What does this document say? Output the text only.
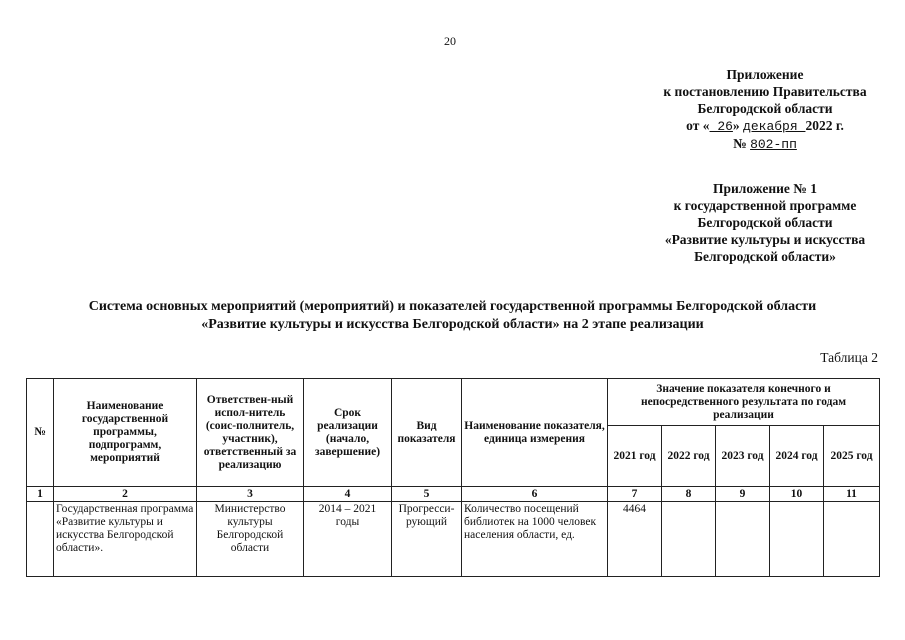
20
Приложение
к постановлению Правительства
Белгородской области
от « 26» декабря 2022 г.
№ 802-пп
Приложение № 1
к государственной программе
Белгородской области
«Развитие культуры и искусства
Белгородской области»
Система основных мероприятий (мероприятий) и показателей государственной программы Белгородской области
«Развитие культуры и искусства Белгородской области» на 2 этапе реализации
Таблица 2
№	Наименование государственной программы, подпрограмм, мероприятий	Ответствен-ный испол-нитель (соис-полнитель, участник), ответственный за реализацию	Срок реализации (начало, завершение)	Вид показателя	Наименование показателя, единица измерения	Значение показателя конечного и непосредственного результата по годам реализации				
						2021 год	2022 год	2023 год	2024 год	2025 год
1	2	3	4	5	6	7	8	9	10	11
	Государственная программа «Развитие культуры и искусства Белгородской области».	Министерство культуры Белгородской области	2014 – 2021 годы	Прогресси-рующий	Количество посещений библиотек на 1000 человек населения области, ед.	4464				
